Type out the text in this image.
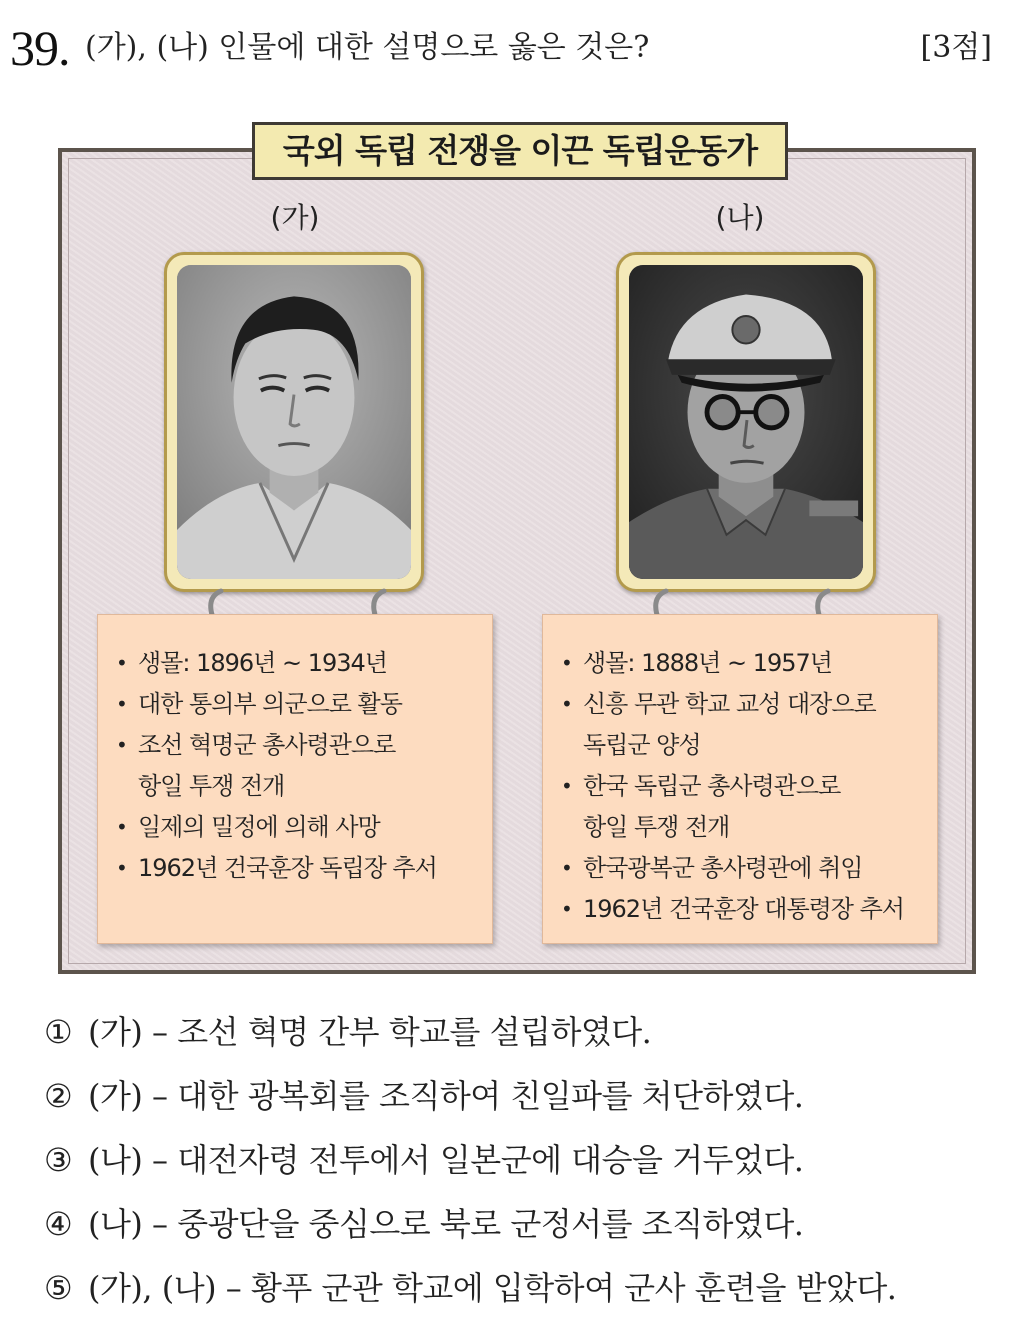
39. (가), (나) 인물에 대한 설명으로 옳은 것은?	[3점]
국외 독립 전쟁을 이끈 독립운동가
(가)	(나)
• 생몰: 1896년 ~ 1934년
• 대한 통의부 의군으로 활동
• 조선 혁명군 총사령관으로
항일 투쟁 전개
• 일제의 밀정에 의해 사망
• 1962년 건국훈장 독립장 추서
• 생몰: 1888년 ~ 1957년
• 신흥 무관 학교 교성 대장으로
독립군 양성
• 한국 독립군 총사령관으로
항일 투쟁 전개
• 한국광복군 총사령관에 취임
• 1962년 건국훈장 대통령장 추서
① (가) – 조선 혁명 간부 학교를 설립하였다.
② (가) – 대한 광복회를 조직하여 친일파를 처단하였다.
③ (나) – 대전자령 전투에서 일본군에 대승을 거두었다.
④ (나) – 중광단을 중심으로 북로 군정서를 조직하였다.
⑤ (가), (나) – 황푸 군관 학교에 입학하여 군사 훈련을 받았다.
